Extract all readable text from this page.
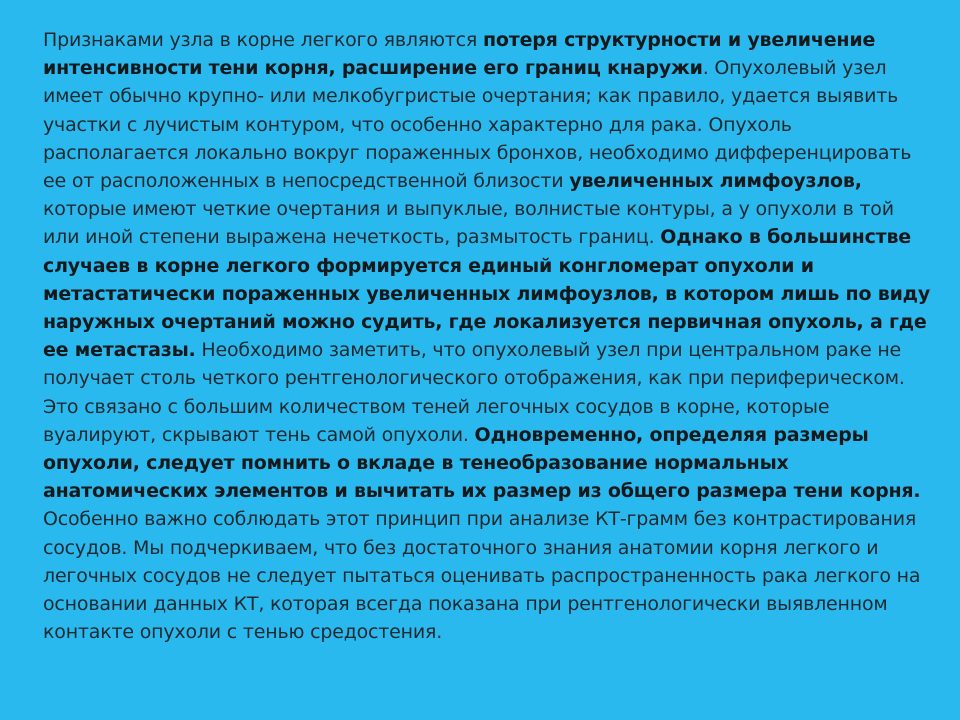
Признаками узла в корне легкого являются потеря структурности и увеличение интенсивности тени корня, расширение его границ кнаружи. Опухолевый узел имеет обычно крупно- или мелкобугристые очертания; как правило, удается выявить участки с лучистым контуром, что особенно характерно для рака. Опухоль располагается локально вокруг пораженных бронхов, необходимо дифференцировать ее от расположенных в непосредственной близости увеличенных лимфоузлов, которые имеют четкие очертания и выпуклые, волнистые контуры, а у опухоли в той или иной степени выражена нечеткость, размытость границ. Однако в большинстве случаев в корне легкого формируется единый конгломерат опухоли и метастатически пораженных увеличенных лимфоузлов, в котором лишь по виду наружных очертаний можно судить, где локализуется первичная опухоль, а где ее метастазы. Необходимо заметить, что опухолевый узел при центральном раке не получает столь четкого рентгенологического отображения, как при периферическом. Это связано с большим количеством теней легочных сосудов в корне, которые вуалируют, скрывают тень самой опухоли. Одновременно, определяя размеры опухоли, следует помнить о вкладе в тенеобразование нормальных анатомических элементов и вычитать их размер из общего размера тени корня. Особенно важно соблюдать этот принцип при анализе КТ-грамм без контрастирования сосудов. Мы подчеркиваем, что без достаточного знания анатомии корня легкого и легочных сосудов не следует пытаться оценивать распространенность рака легкого на основании данных КТ, которая всегда показана при рентгенологически выявленном контакте опухоли с тенью средостения.
